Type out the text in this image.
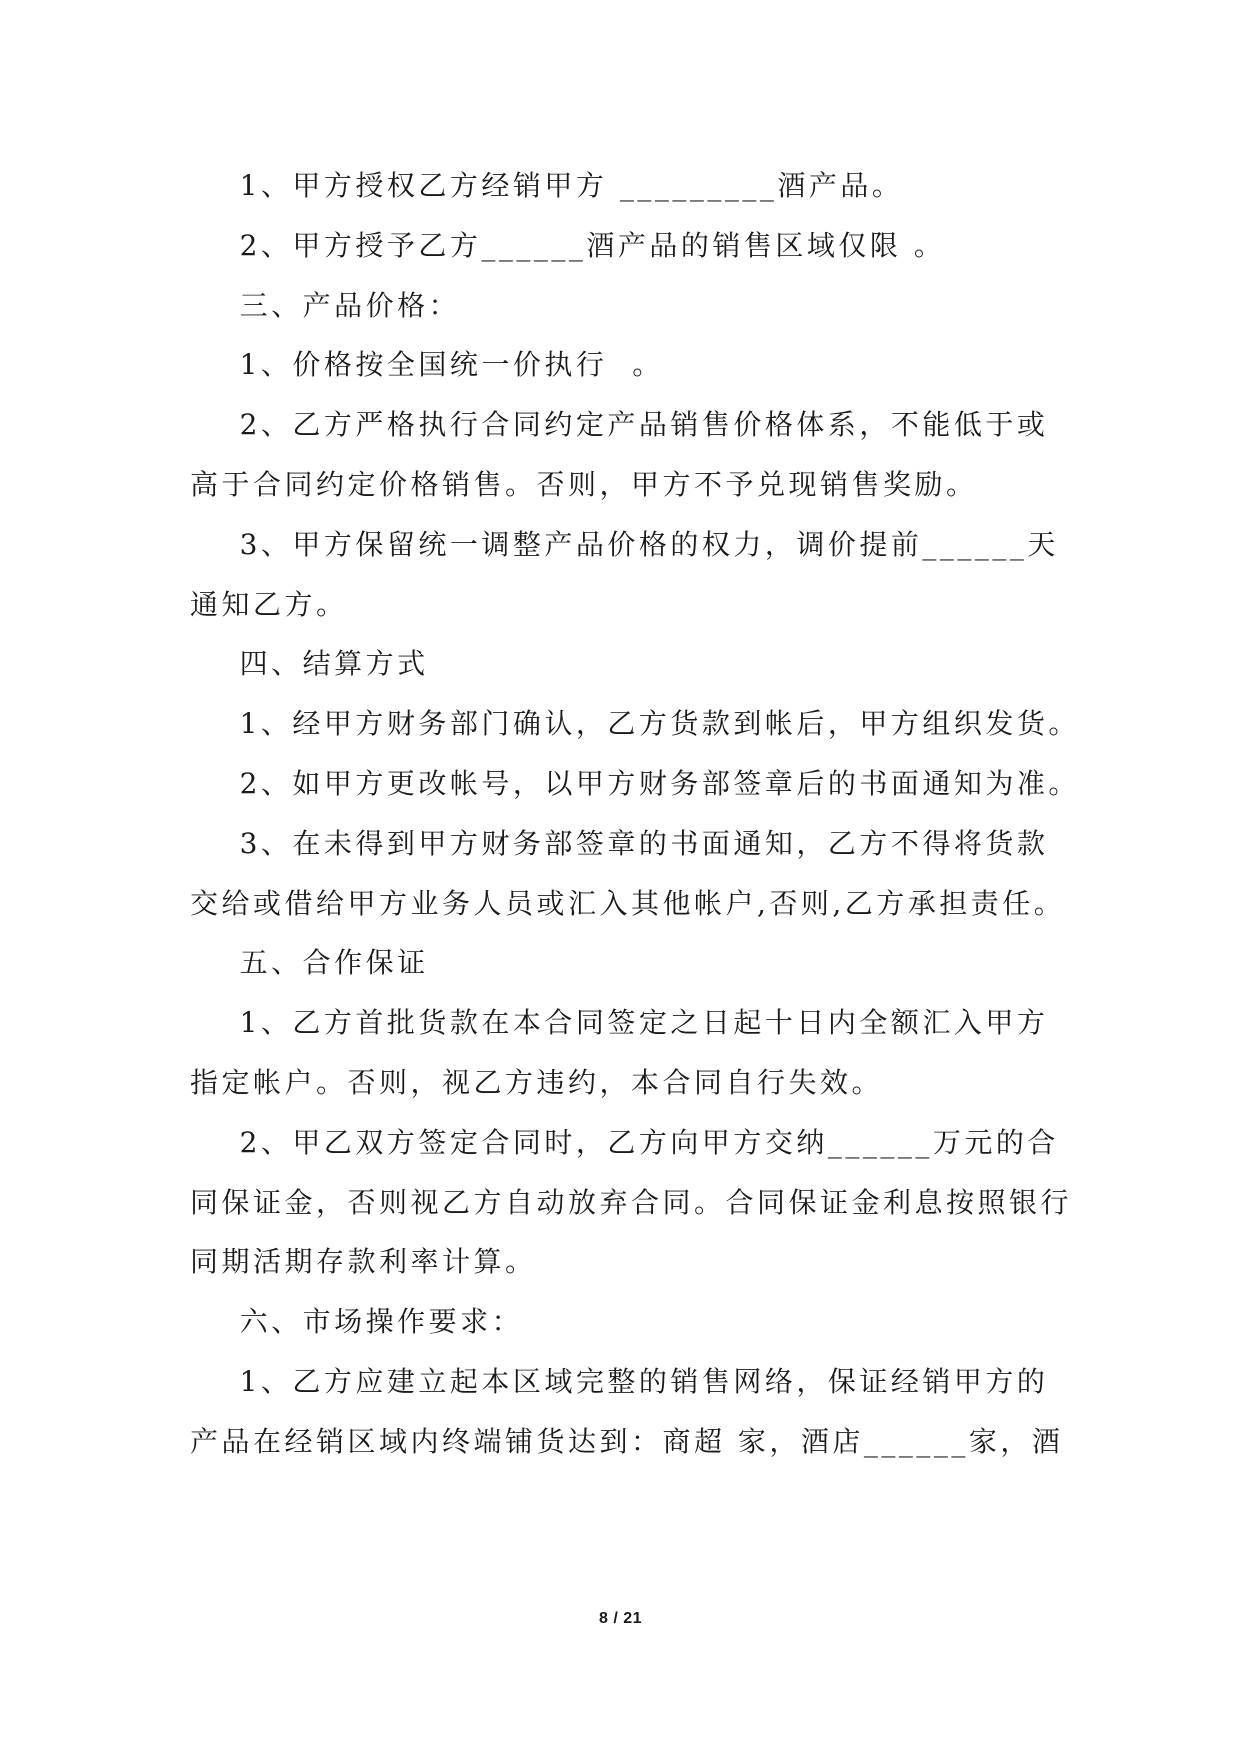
1、甲方授权乙方经销甲方 _________酒产品。

2、甲方授予乙方______酒产品的销售区域仅限 。

三、产品价格：

1、价格按全国统一价执行  。

2、乙方严格执行合同约定产品销售价格体系，不能低于或

高于合同约定价格销售。否则，甲方不予兑现销售奖励。

3、甲方保留统一调整产品价格的权力，调价提前______天

通知乙方。

四、结算方式

1、经甲方财务部门确认，乙方货款到帐后，甲方组织发货。

2、如甲方更改帐号，以甲方财务部签章后的书面通知为准。

3、在未得到甲方财务部签章的书面通知，乙方不得将货款

交给或借给甲方业务人员或汇入其他帐户,否则,乙方承担责任。

五、合作保证

1、乙方首批货款在本合同签定之日起十日内全额汇入甲方

指定帐户。否则，视乙方违约，本合同自行失效。

2、甲乙双方签定合同时，乙方向甲方交纳______万元的合

同保证金，否则视乙方自动放弃合同。合同保证金利息按照银行

同期活期存款利率计算。

六、市场操作要求：

1、乙方应建立起本区域完整的销售网络，保证经销甲方的

产品在经销区域内终端铺货达到：商超 家，酒店______家，酒

8 / 21
